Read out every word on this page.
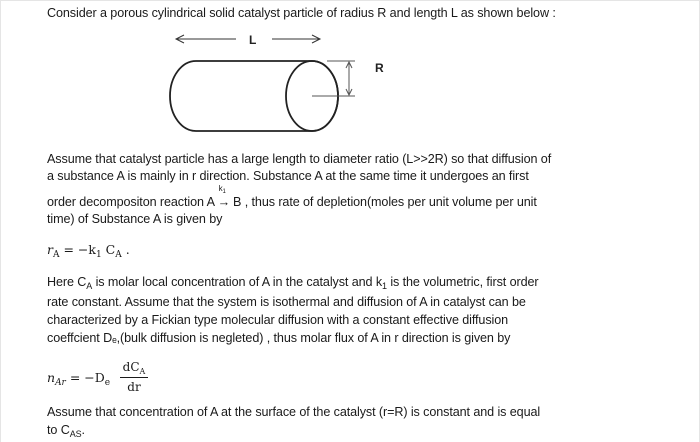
Consider a porous cylindrical solid catalyst particle of radius R and length L as shown below :
L
R
Assume that catalyst particle has a large length to diameter ratio (L>>2R) so that diffusion of
a substance A is mainly in r direction. Substance A at the same time it undergoes an first
order decompositon reaction A
$k_1$
→ B , thus rate of depletion(moles per unit volume per unit
time) of Substance A is given by
$r_A = -k_1$ $C_A$ .
Here $C_A$ is molar local concentration of A in the catalyst and $k_1$ is the volumetric, first order
rate constant. Assume that the system is isothermal and diffusion of A in catalyst can be
characterized by a Fickian type molecular diffusion with a constant effective diffusion
coeffcient Dₑ,(bulk diffusion is negleted) , thus molar flux of A in r direction is given by
$n_{Ar} = -D_e$
$dC_A$
dr
Assume that concentration of A at the surface of the catalyst (r=R) is constant and is equal
to $C_{AS}$.
